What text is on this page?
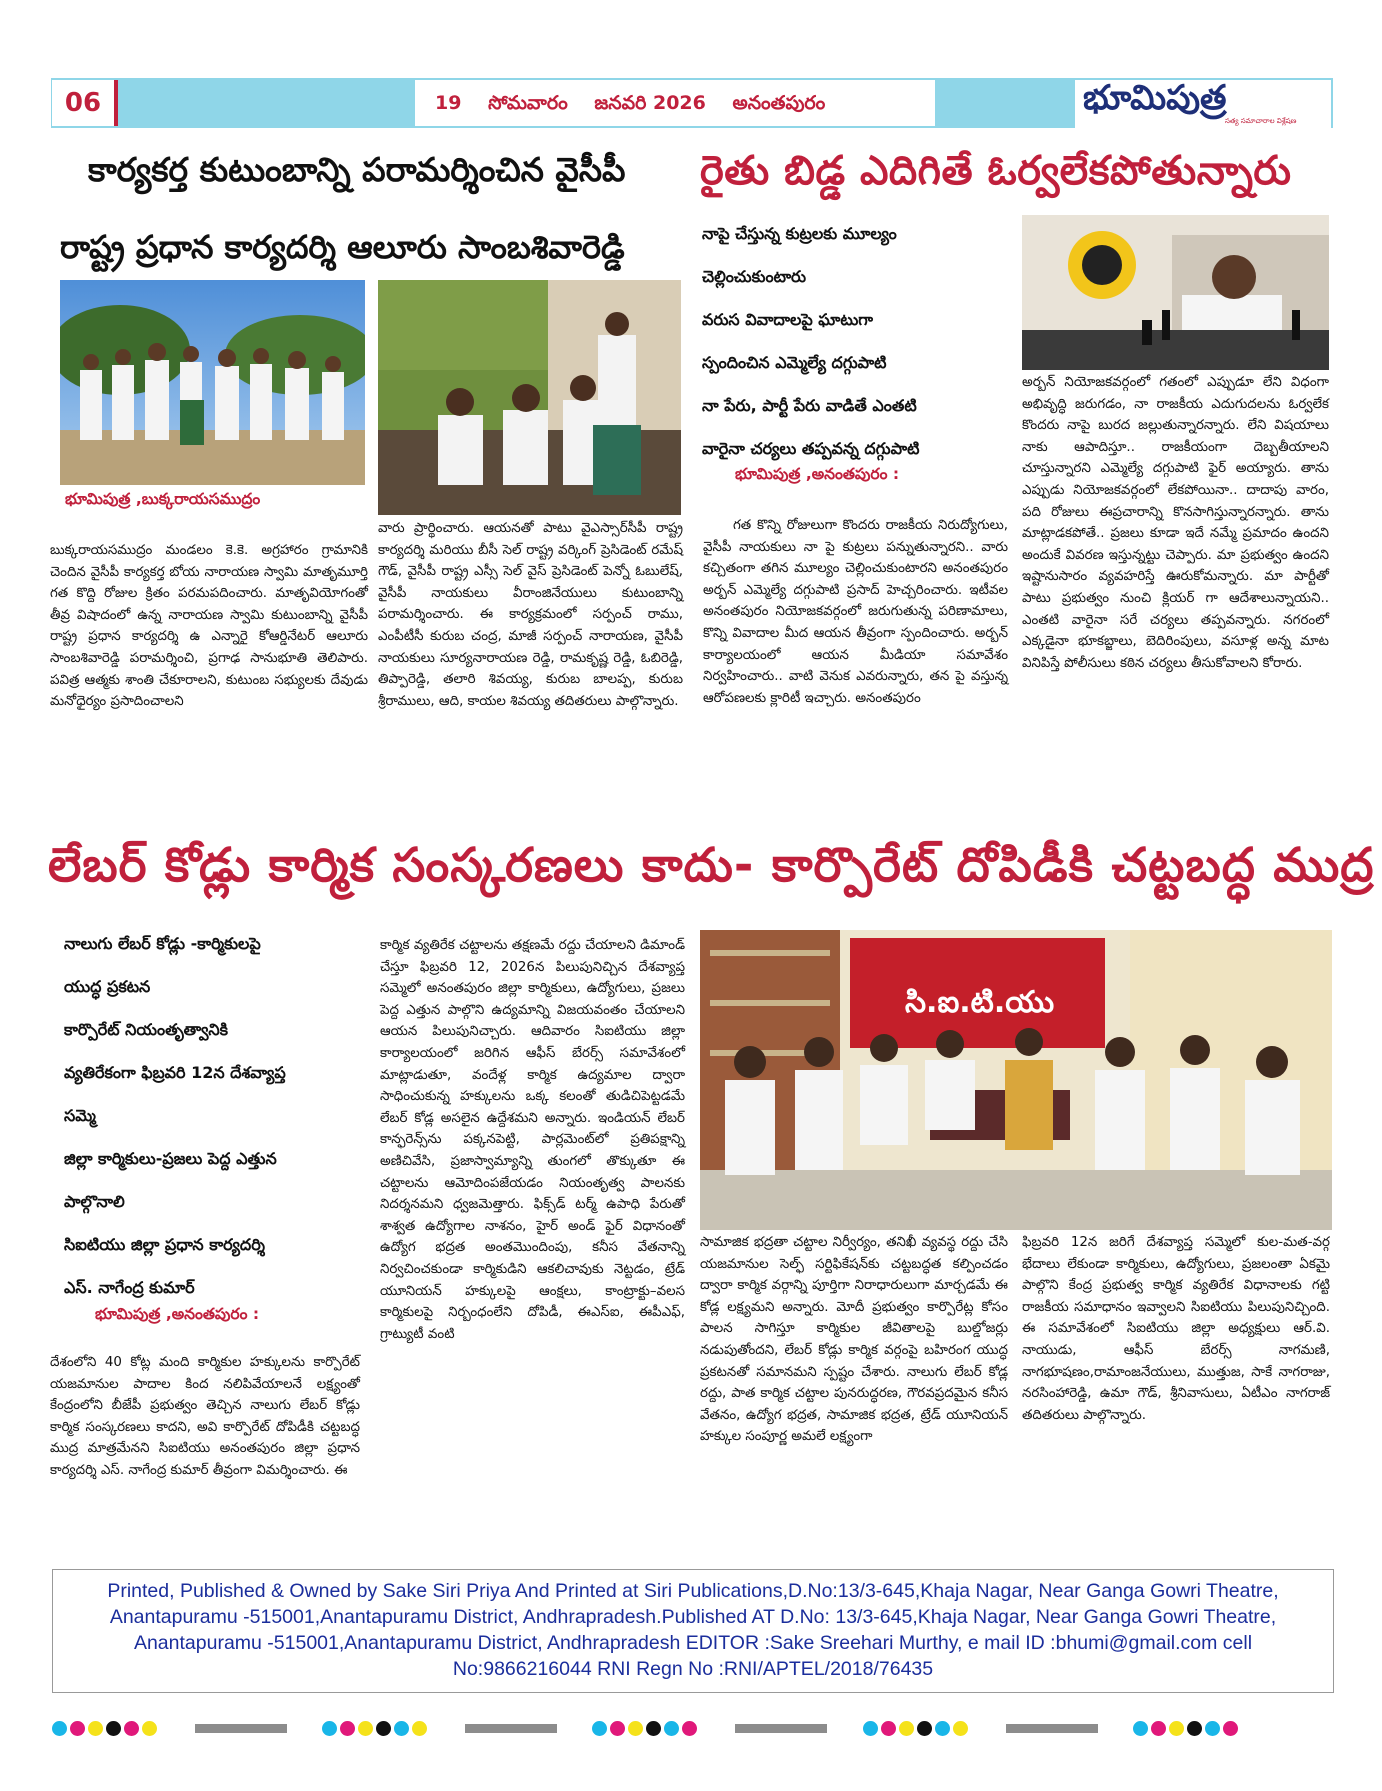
06	19 సోమవారం జనవరి 2026 అనంతపురం	భూమిపుత్ర
సత్య సమాచారాల విశ్లేషణ
కార్యకర్త కుటుంబాన్ని పరామర్శించిన వైసీపీ
రాష్ట్ర ప్రధాన కార్యదర్శి ఆలూరు సాంబశివారెడ్డి
భూమిపుత్ర ,బుక్కరాయసముద్రం
బుక్కరాయసముద్రం మండలం కె.కె. అగ్రహారం గ్రామానికి చెందిన వైసీపీ కార్యకర్త బోయ నారాయణ స్వామి మాతృమూర్తి గత కొద్ది రోజుల క్రితం పరమపదించారు. మాతృవియోగంతో తీవ్ర విషాదంలో ఉన్న నారాయణ స్వామి కుటుంబాన్ని వైసీపీ రాష్ట్ర ప్రధాన కార్యదర్శి ఉ ఎన్నారై కోఆర్డినేటర్ ఆలూరు సాంబశివారెడ్డి పరామర్శించి, ప్రగాఢ సానుభూతి తెలిపారు. పవిత్ర ఆత్మకు శాంతి చేకూరాలని, కుటుంబ సభ్యులకు దేవుడు మనోధైర్యం ప్రసాదించాలని
వారు ప్రార్థించారు. ఆయనతో పాటు వైఎస్సార్‌సీపీ రాష్ట్ర కార్యదర్శి మరియు బీసీ సెల్ రాష్ట్ర వర్కింగ్ ప్రెసిడెంట్ రమేష్ గౌడ్, వైసీపీ రాష్ట్ర ఎస్సీ సెల్ వైస్ ప్రెసిడెంట్ పెన్నో ఓబులేష్, వైసీపీ నాయకులు వీరాంజినేయులు కుటుంబాన్ని పరామర్శించారు. ఈ కార్యక్రమంలో సర్పంచ్ రాము, ఎంపీటీసీ కురుబ చంద్ర, మాజీ సర్పంచ్ నారాయణ, వైసీపీ నాయకులు సూర్యనారాయణ రెడ్డి, రామకృష్ణ రెడ్డి, ఓబిరెడ్డి, తిప్పారెడ్డి, తలారి శివయ్య, కురుబ బాలప్ప, కురుబ శ్రీరాములు, ఆది, కాయల శివయ్య తదితరులు పాల్గొన్నారు.
రైతు బిడ్డ ఎదిగితే ఓర్వలేకపోతున్నారు
నాపై చేస్తున్న కుట్రలకు మూల్యం
చెల్లించుకుంటారు
వరుస వివాదాలపై ఘాటుగా
స్పందించిన ఎమ్మెల్యే దగ్గుపాటి
నా పేరు, పార్టీ పేరు వాడితే ఎంతటి
వారైనా చర్యలు తప్పవన్న దగ్గుపాటి
భూమిపుత్ర ,అనంతపురం :
గత కొన్ని రోజులుగా కొందరు రాజకీయ నిరుద్యోగులు, వైసీపీ నాయకులు నా పై కుట్రలు పన్నుతున్నారని.. వారు కచ్చితంగా తగిన మూల్యం చెల్లించుకుంటారని అనంతపురం అర్బన్ ఎమ్మెల్యే దగ్గుపాటి ప్రసాద్ హెచ్చరించారు. ఇటీవల అనంతపురం నియోజకవర్గంలో జరుగుతున్న పరిణామాలు, కొన్ని వివాదాల మీద ఆయన తీవ్రంగా స్పందించారు. అర్బన్ కార్యాలయంలో ఆయన మీడియా సమావేశం నిర్వహించారు.. వాటి వెనుక ఎవరున్నారు, తన పై వస్తున్న ఆరోపణలకు క్లారిటీ ఇచ్చారు. అనంతపురం
అర్బన్ నియోజకవర్గంలో గతంలో ఎప్పుడూ లేని విధంగా అభివృద్ధి జరుగడం, నా రాజకీయ ఎదుగుదలను ఓర్వలేక కొందరు నాపై బురద జల్లుతున్నారన్నారు. లేని విషయాలు నాకు ఆపాదిస్తూ.. రాజకీయంగా దెబ్బతీయాలని చూస్తున్నారని ఎమ్మెల్యే దగ్గుపాటి ఫైర్ అయ్యారు. తాను ఎప్పుడు నియోజకవర్గంలో లేకపోయినా.. దాదాపు వారం, పది రోజులు ఈప్రచారాన్ని కొనసాగిస్తున్నారన్నారు. తాను మాట్లాడకపోతే.. ప్రజలు కూడా ఇదే నమ్మే ప్రమాదం ఉందని అందుకే వివరణ ఇస్తున్నట్టు చెప్పారు. మా ప్రభుత్వం ఉందని ఇష్టానుసారం వ్యవహరిస్తే ఊరుకోమన్నారు. మా పార్టీతో పాటు ప్రభుత్వం నుంచి క్లియర్ గా ఆదేశాలున్నాయని.. ఎంతటి వారైనా సరే చర్యలు తప్పవన్నారు. నగరంలో ఎక్కడైనా భూకబ్జాలు, బెదిరింపులు, వసూళ్ల అన్న మాట వినిపిస్తే పోలీసులు కఠిన చర్యలు తీసుకోవాలని కోరారు.
లేబర్ కోడ్లు కార్మిక సంస్కరణలు కాదు- కార్పొరేట్ దోపిడీకి చట్టబద్ధ ముద్ర
నాలుగు లేబర్ కోడ్లు -కార్మికులపై
యుద్ధ ప్రకటన
కార్పొరేట్ నియంతృత్వానికి
వ్యతిరేకంగా ఫిబ్రవరి 12న దేశవ్యాప్త
సమ్మె
జిల్లా కార్మికులు-ప్రజలు పెద్ద ఎత్తున
పాల్గొనాలి
సిఐటియు జిల్లా ప్రధాన కార్యదర్శి
ఎస్. నాగేంద్ర కుమార్
భూమిపుత్ర ,అనంతపురం :
దేశంలోని 40 కోట్ల మంది కార్మికుల హక్కులను కార్పొరేట్ యజమానుల పాదాల కింద నలిపివేయాలనే లక్ష్యంతో కేంద్రంలోని బీజేపీ ప్రభుత్వం తెచ్చిన నాలుగు లేబర్ కోడ్లు కార్మిక సంస్కరణలు కాదని, అవి కార్పొరేట్ దోపిడీకి చట్టబద్ధ ముద్ర మాత్రమేనని సిఐటియు అనంతపురం జిల్లా ప్రధాన కార్యదర్శి ఎస్. నాగేంద్ర కుమార్ తీవ్రంగా విమర్శించారు. ఈ
కార్మిక వ్యతిరేక చట్టాలను తక్షణమే రద్దు చేయాలని డిమాండ్ చేస్తూ ఫిబ్రవరి 12, 2026న పిలుపునిచ్చిన దేశవ్యాప్త సమ్మెలో అనంతపురం జిల్లా కార్మికులు, ఉద్యోగులు, ప్రజలు పెద్ద ఎత్తున పాల్గొని ఉద్యమాన్ని విజయవంతం చేయాలని ఆయన పిలుపునిచ్చారు. ఆదివారం సిఐటియు జిల్లా కార్యాలయంలో జరిగిన ఆఫీస్ బేరర్స్ సమావేశంలో మాట్లాడుతూ, వందేళ్ల కార్మిక ఉద్యమాల ద్వారా సాధించుకున్న హక్కులను ఒక్క కలంతో తుడిచిపెట్టడమే లేబర్ కోడ్ల అసలైన ఉద్దేశమని అన్నారు. ఇండియన్ లేబర్ కాన్ఫరెన్స్‌ను పక్కనపెట్టి, పార్లమెంట్‌లో ప్రతిపక్షాన్ని అణిచివేసి, ప్రజాస్వామ్యాన్ని తుంగలో తొక్కుతూ ఈ చట్టాలను ఆమోదింపజేయడం నియంతృత్వ పాలనకు నిదర్శనమని ధ్వజమెత్తారు. ఫిక్స్‌డ్ టర్మ్ ఉపాధి పేరుతో శాశ్వత ఉద్యోగాల నాశనం, హైర్ అండ్ ఫైర్ విధానంతో ఉద్యోగ భద్రత అంతమొందింపు, కనీస వేతనాన్ని నిర్వచించకుండా కార్మికుడిని ఆకలిచావుకు నెట్టడం, ట్రేడ్ యూనియన్ హక్కులపై ఆంక్షలు, కాంట్రాక్టు–వలస కార్మికులపై నిర్బంధంలేని దోపిడీ, ఈఎస్ఐ, ఈపీఎఫ్, గ్రాట్యుటీ వంటి
సి.ఐ.టి.యు
సామాజిక భద్రతా చట్టాల నిర్వీర్యం, తనిఖీ వ్యవస్థ రద్దు చేసి యజమానుల సెల్ఫ్ సర్టిఫికేషన్‌కు చట్టబద్ధత కల్పించడం ద్వారా కార్మిక వర్గాన్ని పూర్తిగా నిరాధారులుగా మార్చడమే ఈ కోడ్ల లక్ష్యమని అన్నారు. మోదీ ప్రభుత్వం కార్పొరేట్ల కోసం పాలన సాగిస్తూ కార్మికుల జీవితాలపై బుల్డోజర్లు నడుపుతోందని, లేబర్ కోడ్లు కార్మిక వర్గంపై బహిరంగ యుద్ధ ప్రకటనతో సమానమని స్పష్టం చేశారు. నాలుగు లేబర్ కోడ్ల రద్దు, పాత కార్మిక చట్టాల పునరుద్ధరణ, గౌరవప్రదమైన కనీస వేతనం, ఉద్యోగ భద్రత, సామాజిక భద్రత, ట్రేడ్ యూనియన్ హక్కుల సంపూర్ణ అమలే లక్ష్యంగా
ఫిబ్రవరి 12న జరిగే దేశవ్యాప్త సమ్మెలో కుల-మత-వర్గ భేదాలు లేకుండా కార్మికులు, ఉద్యోగులు, ప్రజలంతా ఏకమై పాల్గొని కేంద్ర ప్రభుత్వ కార్మిక వ్యతిరేక విధానాలకు గట్టి రాజకీయ సమాధానం ఇవ్వాలని సిఐటియు పిలుపునిచ్చింది. ఈ సమావేశంలో సిఐటియు జిల్లా అధ్యక్షులు ఆర్.వి. నాయుడు, ఆఫీస్ బేరర్స్ నాగమణి, నాగభూషణం,రామాంజనేయులు, ముత్తుజ, సాకే నాగరాజు, నరసింహారెడ్డి, ఉమా గౌడ్, శ్రీనివాసులు, ఏటీఎం నాగరాజ్ తదితరులు పాల్గొన్నారు.
Printed, Published & Owned by Sake Siri Priya And Printed at Siri Publications,D.No:13/3-645,Khaja Nagar, Near Ganga Gowri Theatre, Anantapuramu -515001,Anantapuramu District, Andhrapradesh.Published AT D.No: 13/3-645,Khaja Nagar, Near Ganga Gowri Theatre, Anantapuramu -515001,Anantapuramu District, Andhrapradesh EDITOR :Sake Sreehari Murthy, e mail ID :bhumi@gmail.com cell No:9866216044 RNI Regn No :RNI/APTEL/2018/76435
